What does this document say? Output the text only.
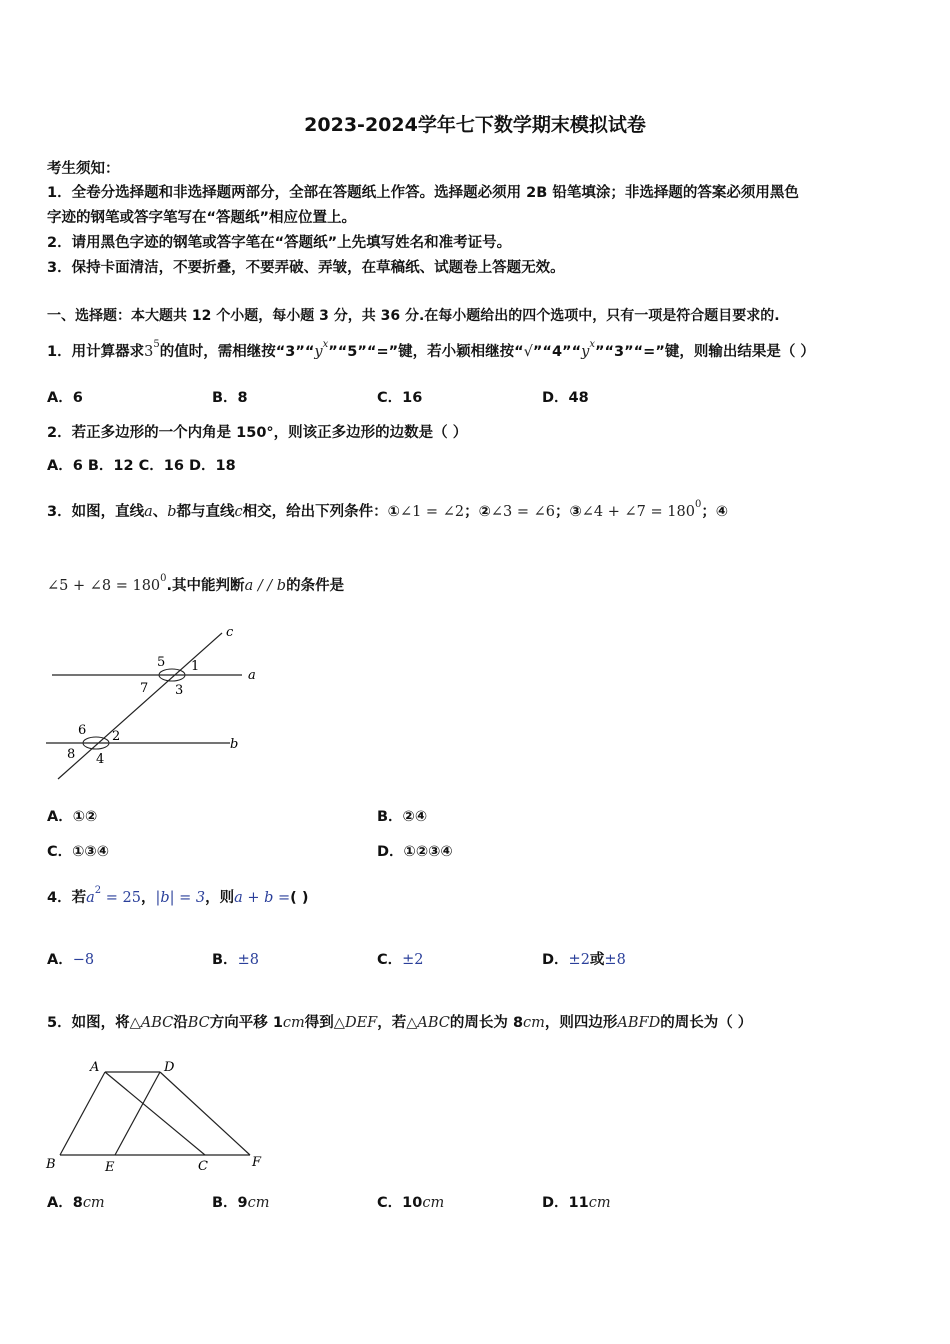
2023-2024学年七下数学期末模拟试卷
考生须知：
1．全卷分选择题和非选择题两部分，全部在答题纸上作答。选择题必须用 2B 铅笔填涂；非选择题的答案必须用黑色
字迹的钢笔或答字笔写在“答题纸”相应位置上。
2．请用黑色字迹的钢笔或答字笔在“答题纸”上先填写姓名和准考证号。
3．保持卡面清洁，不要折叠，不要弄破、弄皱，在草稿纸、试题卷上答题无效。
一、选择题：本大题共 12 个小题，每小题 3 分，共 36 分.在每小题给出的四个选项中，只有一项是符合题目要求的.
1．用计算器求$3^5$的值时，需相继按“$3”“y^x”“5”“=$”键，若小颖相继按“$√”“4”“y^x”“3”“=$”键，则输出结果是（ ）
A．6	B．8	C．16	D．48
2．若正多边形的一个内角是 150°，则该正多边形的边数是（ ）
A．6 B．12 C．16 D．18
3．如图，直线a、b都与直线c相交，给出下列条件：①∠1 = ∠2；②∠3 = ∠6；③∠4 + ∠7 = $180^0$；④
∠5 + ∠8 = $180^0$.其中能判断a / / b的条件是
c
5 1
a
7 3
6 2
b
8 4
A．①②	B．②④
C．①③④	D．①②③④
4．若$a^2 = 25$，|b| = 3，则a + b =( )
A．−8	B．±8	C．±2	D．±2或±8
5．如图，将△ABC沿BC方向平移 1cm得到△DEF，若△ABC的周长为 8cm，则四边形ABFD的周长为（ ）
A	D
B	E	C	F
A．8cm	B．9cm	C．10cm	D．11cm
